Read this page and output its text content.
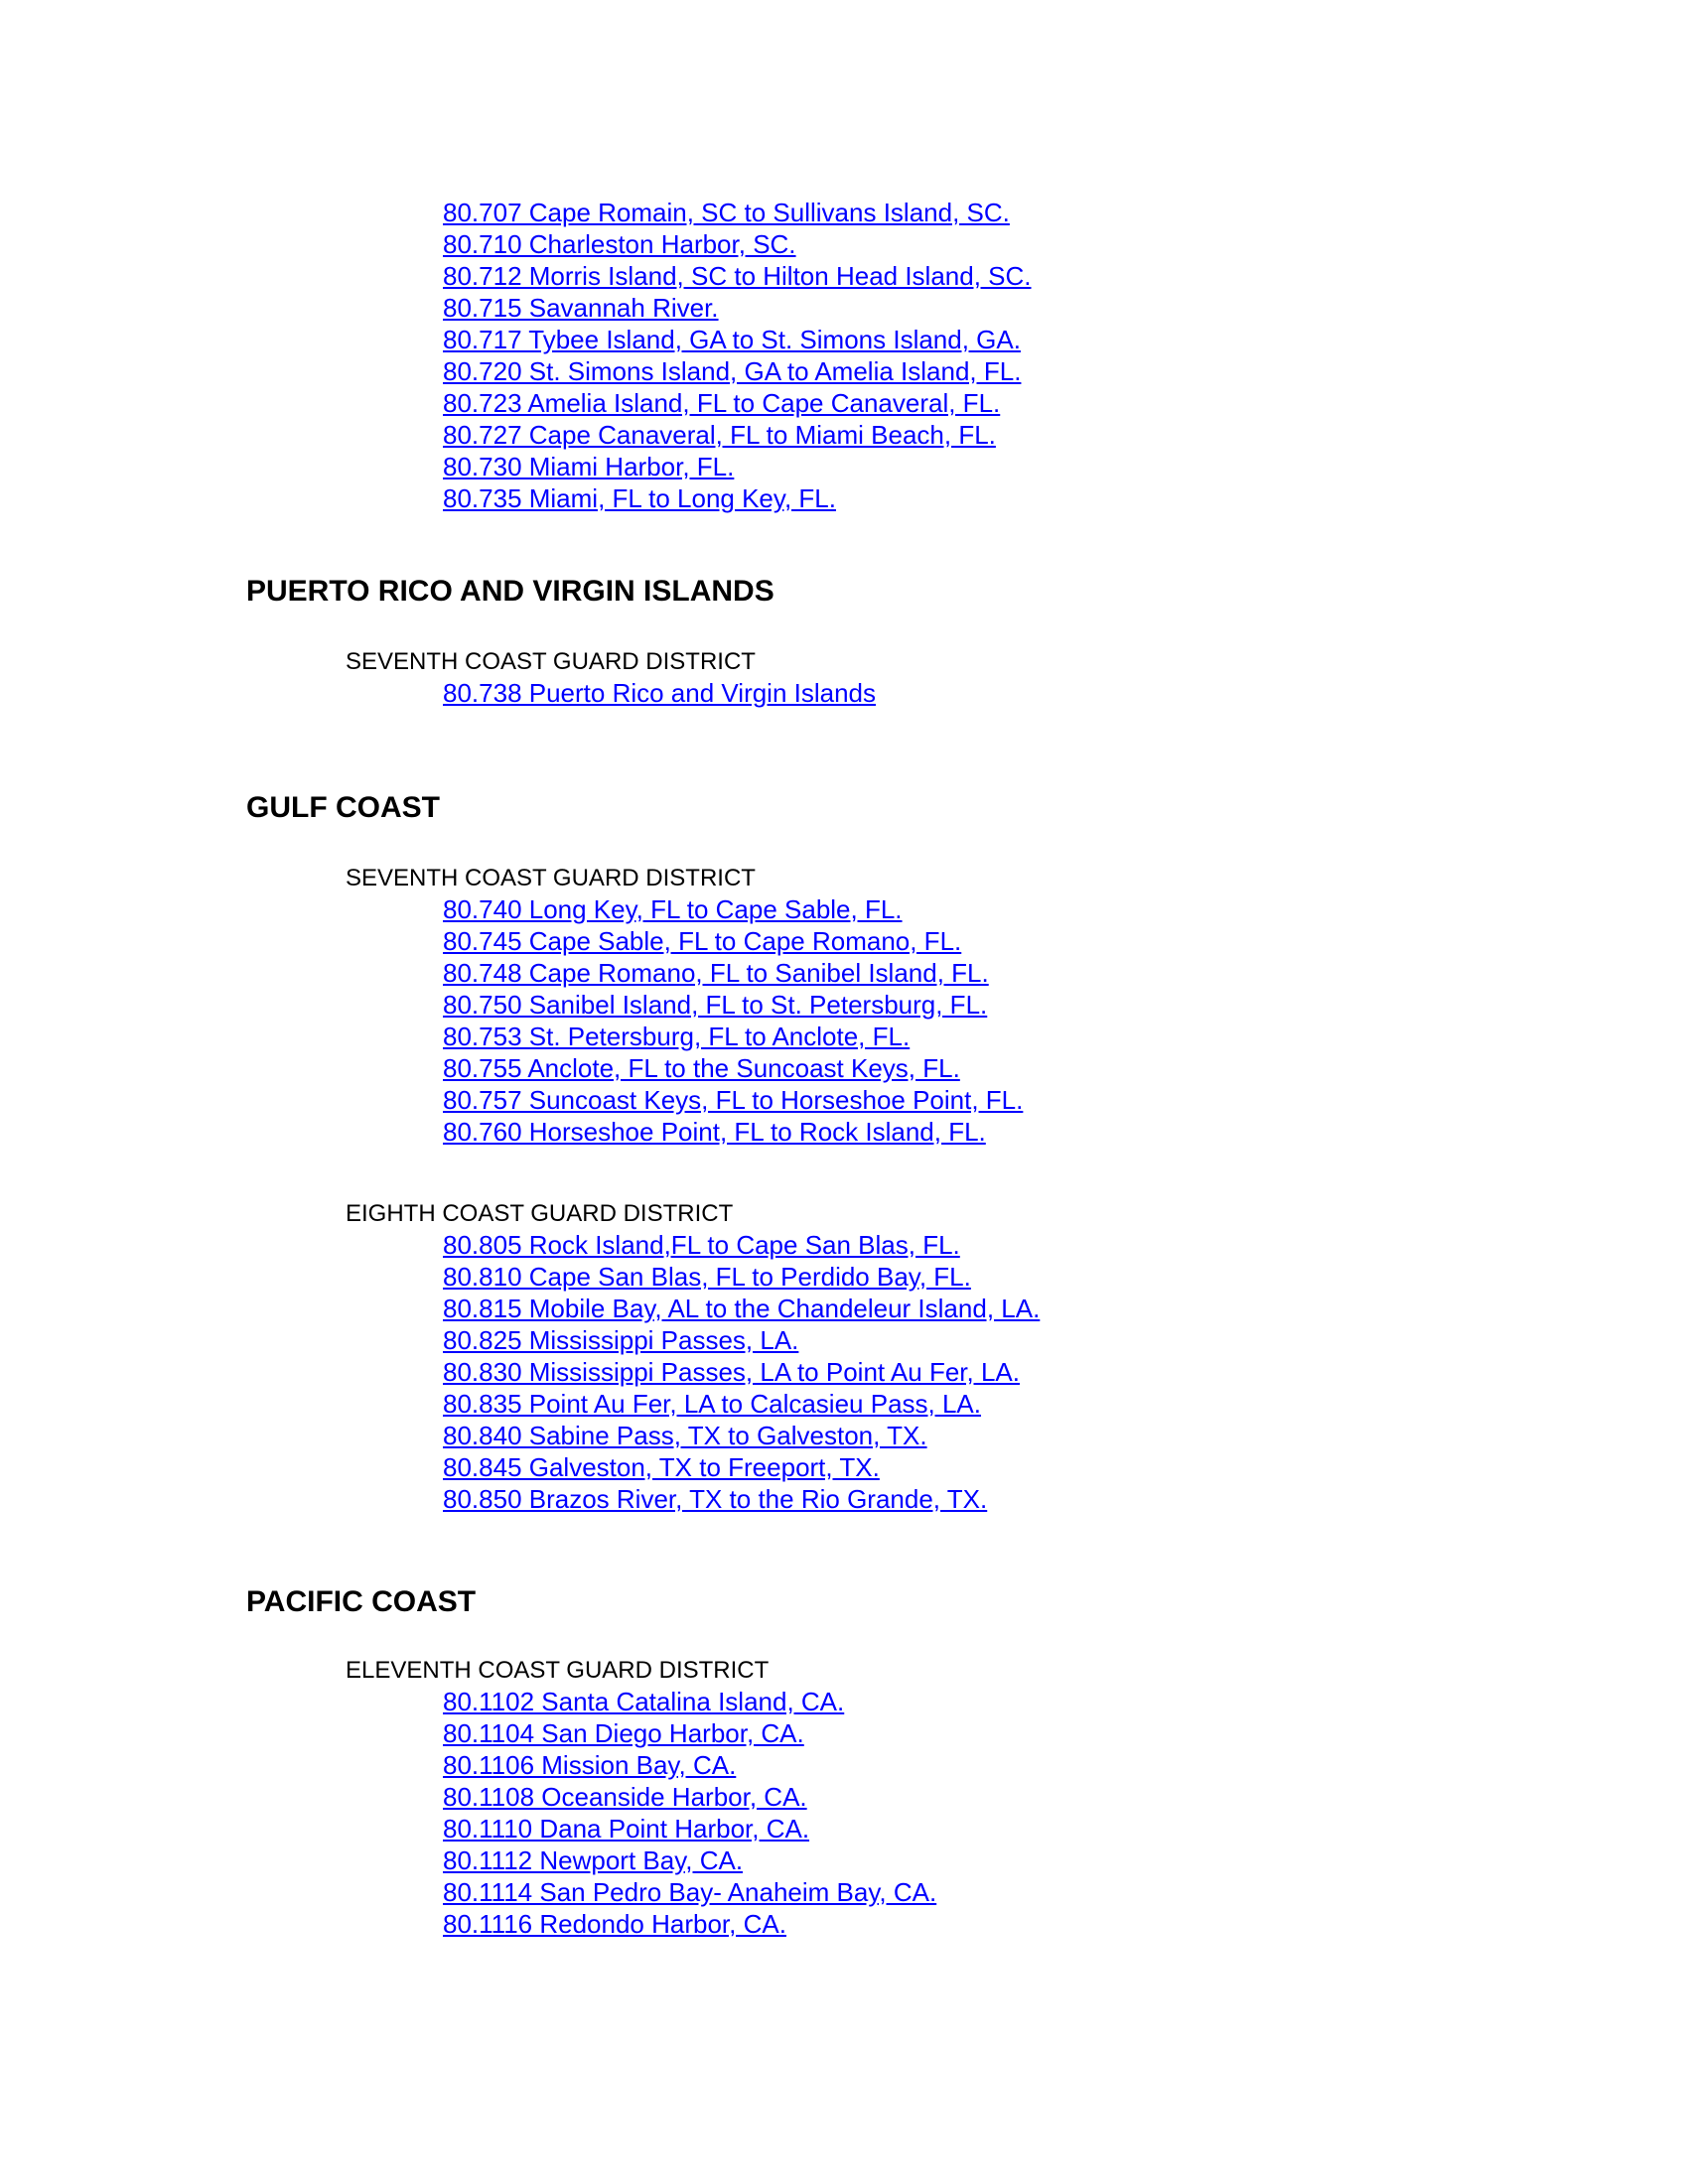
80.707 Cape Romain, SC to Sullivans Island, SC.
80.710 Charleston Harbor, SC.
80.712 Morris Island, SC to Hilton Head Island, SC.
80.715 Savannah River.
80.717 Tybee Island, GA to St. Simons Island, GA.
80.720 St. Simons Island, GA to Amelia Island, FL.
80.723 Amelia Island, FL to Cape Canaveral, FL.
80.727 Cape Canaveral, FL to Miami Beach, FL.
80.730 Miami Harbor, FL.
80.735 Miami, FL to Long Key, FL.
PUERTO RICO AND VIRGIN ISLANDS
SEVENTH COAST GUARD DISTRICT
80.738 Puerto Rico and Virgin Islands
GULF COAST
SEVENTH COAST GUARD DISTRICT
80.740 Long Key, FL to Cape Sable, FL.
80.745 Cape Sable, FL to Cape Romano, FL.
80.748 Cape Romano, FL to Sanibel Island, FL.
80.750 Sanibel Island, FL to St. Petersburg, FL.
80.753 St. Petersburg, FL to Anclote, FL.
80.755 Anclote, FL to the Suncoast Keys, FL.
80.757 Suncoast Keys, FL to Horseshoe Point, FL.
80.760 Horseshoe Point, FL to Rock Island, FL.
EIGHTH COAST GUARD DISTRICT
80.805 Rock Island,FL to Cape San Blas, FL.
80.810 Cape San Blas, FL to Perdido Bay, FL.
80.815 Mobile Bay, AL to the Chandeleur Island, LA.
80.825 Mississippi Passes, LA.
80.830 Mississippi Passes, LA to Point Au Fer, LA.
80.835 Point Au Fer, LA to Calcasieu Pass, LA.
80.840 Sabine Pass, TX to Galveston, TX.
80.845 Galveston, TX to Freeport, TX.
80.850 Brazos River, TX to the Rio Grande, TX.
PACIFIC COAST
ELEVENTH COAST GUARD DISTRICT
80.1102 Santa Catalina Island, CA.
80.1104 San Diego Harbor, CA.
80.1106 Mission Bay, CA.
80.1108 Oceanside Harbor, CA.
80.1110 Dana Point Harbor, CA.
80.1112 Newport Bay, CA.
80.1114 San Pedro Bay- Anaheim Bay, CA.
80.1116 Redondo Harbor, CA.
